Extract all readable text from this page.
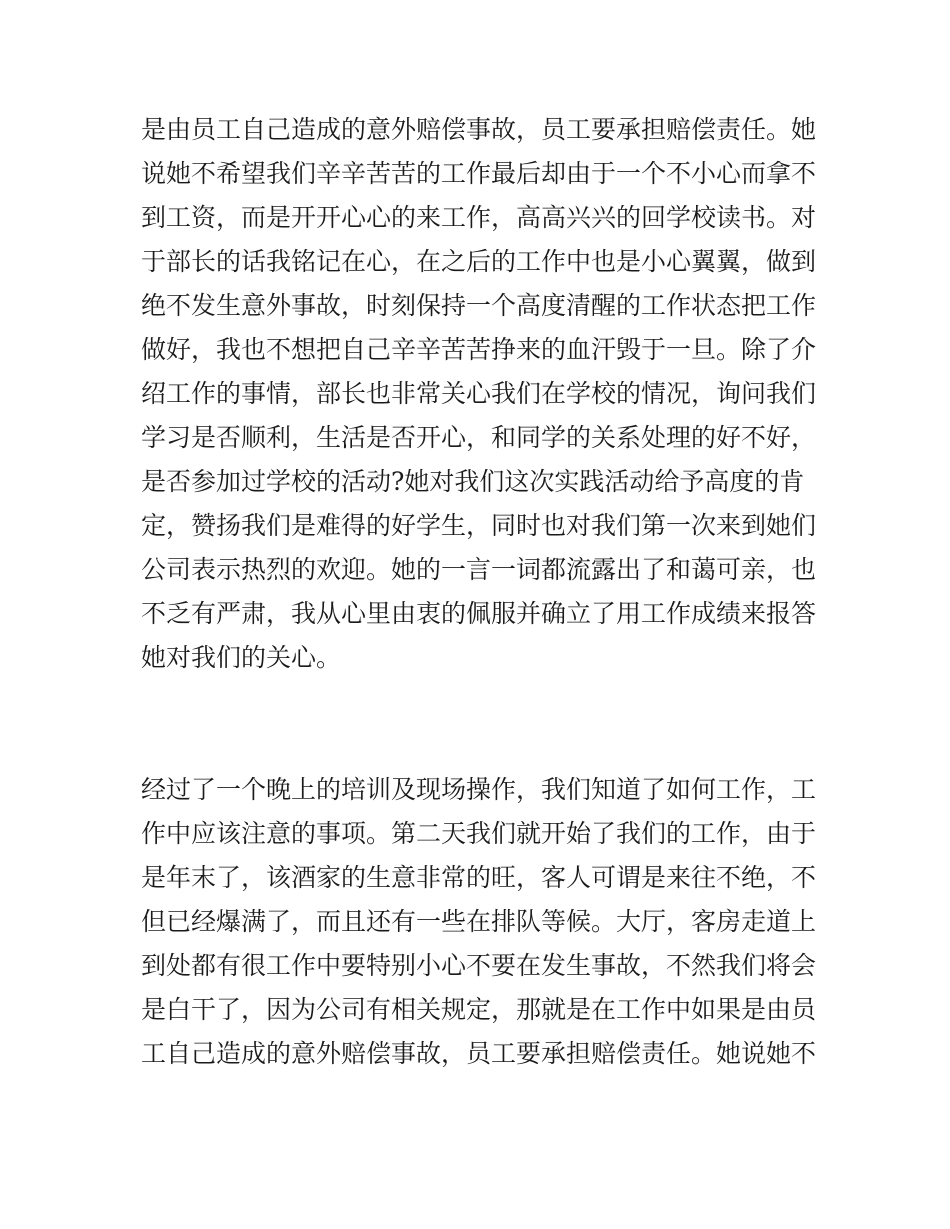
是由员工自己造成的意外赔偿事故，员工要承担赔偿责任。她
说她不希望我们辛辛苦苦的工作最后却由于一个不小心而拿不
到工资，而是开开心心的来工作，高高兴兴的回学校读书。对
于部长的话我铭记在心，在之后的工作中也是小心翼翼，做到
绝不发生意外事故，时刻保持一个高度清醒的工作状态把工作
做好，我也不想把自己辛辛苦苦挣来的血汗毁于一旦。除了介
绍工作的事情，部长也非常关心我们在学校的情况，询问我们
学习是否顺利，生活是否开心，和同学的关系处理的好不好，
是否参加过学校的活动?她对我们这次实践活动给予高度的肯
定，赞扬我们是难得的好学生，同时也对我们第一次来到她们
公司表示热烈的欢迎。她的一言一词都流露出了和蔼可亲，也
不乏有严肃，我从心里由衷的佩服并确立了用工作成绩来报答
她对我们的关心。
经过了一个晚上的培训及现场操作，我们知道了如何工作，工
作中应该注意的事项。第二天我们就开始了我们的工作，由于
是年末了，该酒家的生意非常的旺，客人可谓是来往不绝，不
但已经爆满了，而且还有一些在排队等候。大厅，客房走道上
到处都有很工作中要特别小心不要在发生事故，不然我们将会
是白干了，因为公司有相关规定，那就是在工作中如果是由员
工自己造成的意外赔偿事故，员工要承担赔偿责任。她说她不
